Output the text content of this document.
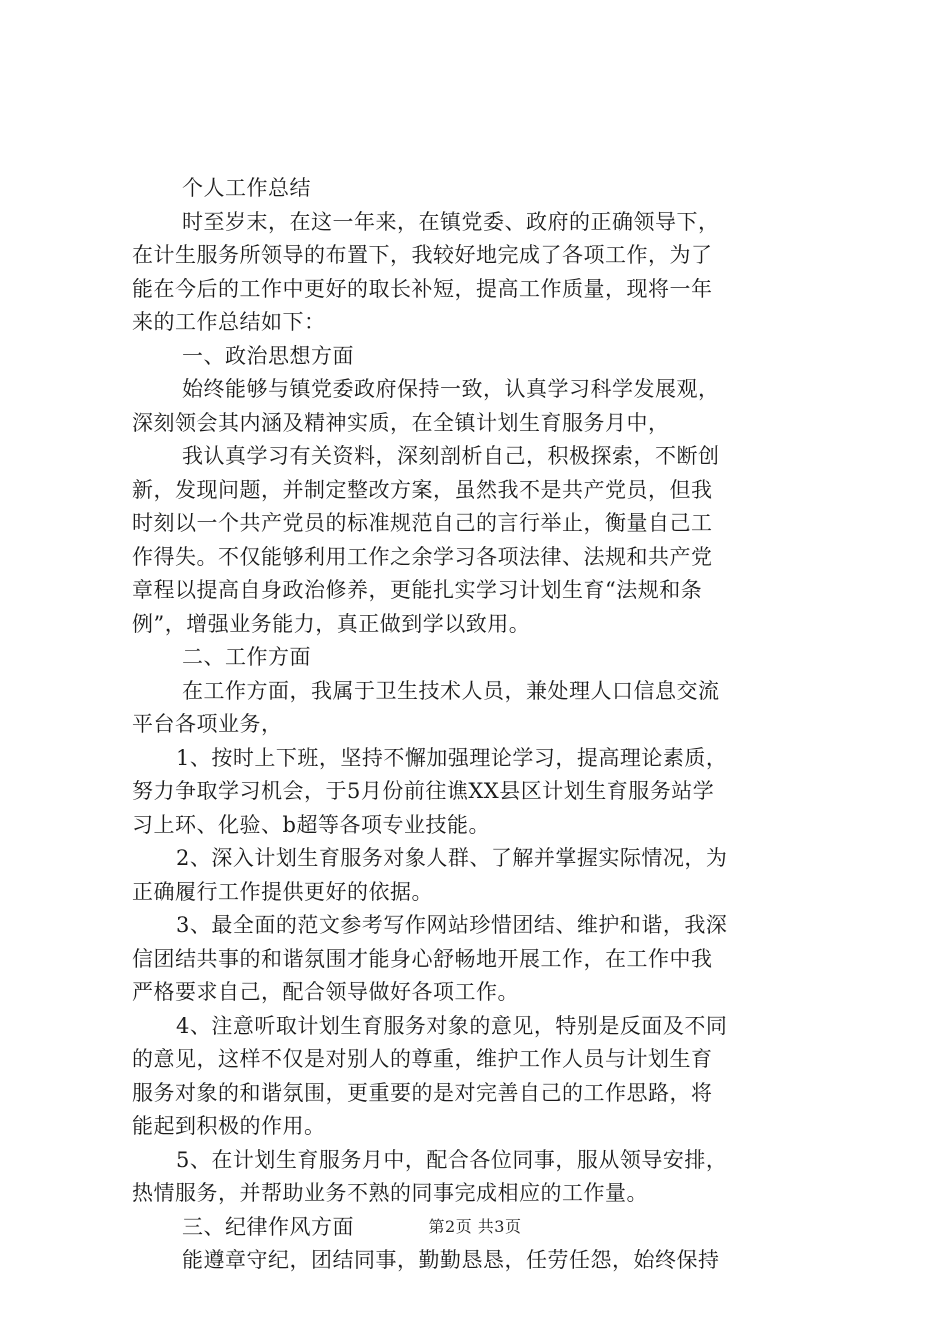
个人工作总结
时至岁末，在这一年来，在镇党委、政府的正确领导下，
在计生服务所领导的布置下，我较好地完成了各项工作，为了
能在今后的工作中更好的取长补短，提高工作质量，现将一年
来的工作总结如下：
一、政治思想方面
始终能够与镇党委政府保持一致，认真学习科学发展观，
深刻领会其内涵及精神实质，在全镇计划生育服务月中，
我认真学习有关资料，深刻剖析自己，积极探索，不断创
新，发现问题，并制定整改方案，虽然我不是共产党员，但我
时刻以一个共产党员的标准规范自己的言行举止，衡量自己工
作得失。不仅能够利用工作之余学习各项法律、法规和共产党
章程以提高自身政治修养，更能扎实学习计划生育“法规和条
例”，增强业务能力，真正做到学以致用。
二、工作方面
在工作方面，我属于卫生技术人员，兼处理人口信息交流
平台各项业务，
1、按时上下班，坚持不懈加强理论学习，提高理论素质，
努力争取学习机会，于5月份前往谯XX县区计划生育服务站学
习上环、化验、b超等各项专业技能。
2、深入计划生育服务对象人群、了解并掌握实际情况，为
正确履行工作提供更好的依据。
3、最全面的范文参考写作网站珍惜团结、维护和谐，我深
信团结共事的和谐氛围才能身心舒畅地开展工作，在工作中我
严格要求自己，配合领导做好各项工作。
4、注意听取计划生育服务对象的意见，特别是反面及不同
的意见，这样不仅是对别人的尊重，维护工作人员与计划生育
服务对象的和谐氛围，更重要的是对完善自己的工作思路，将
能起到积极的作用。
5、在计划生育服务月中，配合各位同事，服从领导安排，
热情服务，并帮助业务不熟的同事完成相应的工作量。
三、纪律作风方面
能遵章守纪，团结同事，勤勤恳恳，任劳任怨，始终保持
第2页 共3页
